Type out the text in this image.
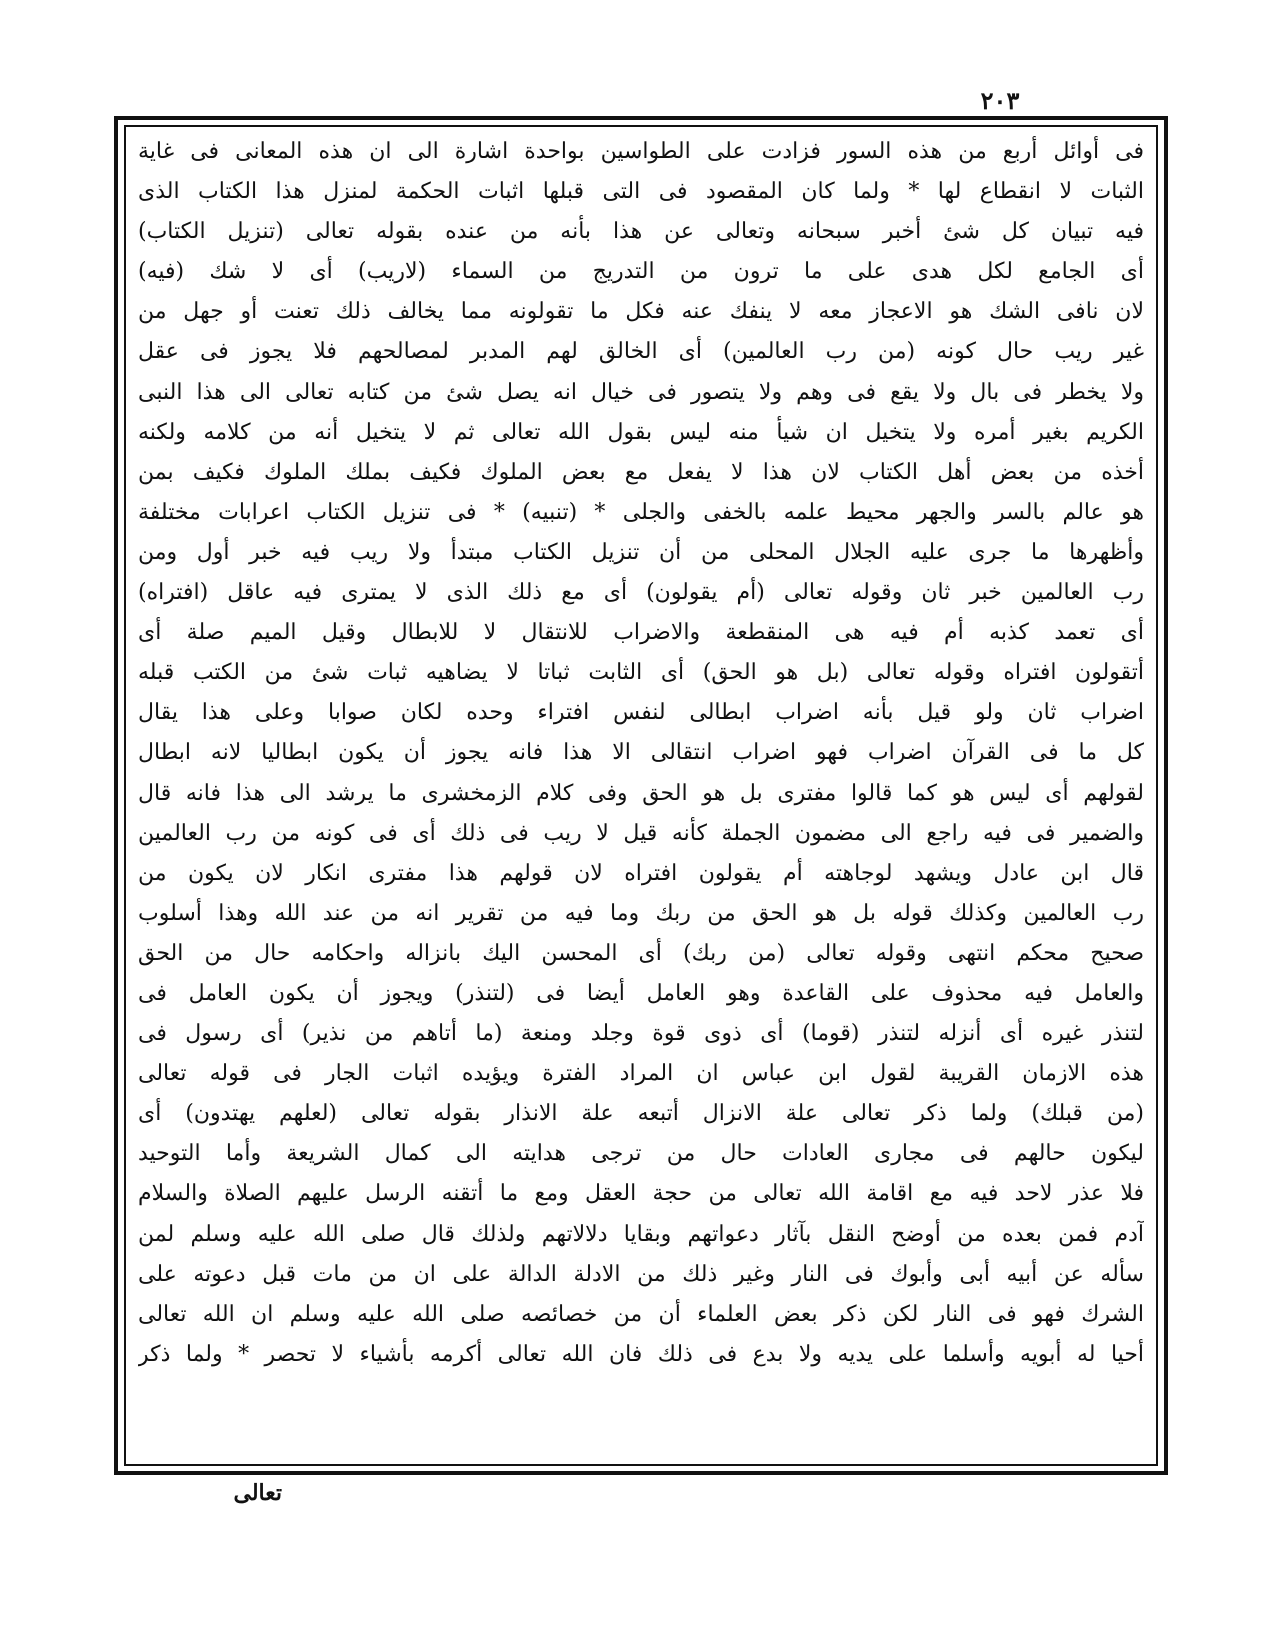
٢٠٣
فى أوائل أربع من هذه السور فزادت على الطواسين بواحدة اشارة الى ان هذه المعانى فى غاية
الثبات لا انقطاع لها * ولما كان المقصود فى التى قبلها اثبات الحكمة لمنزل هذا الكتاب الذى
فيه تبيان كل شئ أخبر سبحانه وتعالى عن هذا بأنه من عنده بقوله تعالى (تنزيل الكتاب)
أى الجامع لكل هدى على ما ترون من التدريج من السماء (لاريب) أى لا شك (فيه)
لان نافى الشك هو الاعجاز معه لا ينفك عنه فكل ما تقولونه مما يخالف ذلك تعنت أو جهل من
غير ريب حال كونه (من رب العالمين) أى الخالق لهم المدبر لمصالحهم فلا يجوز فى عقل
ولا يخطر فى بال ولا يقع فى وهم ولا يتصور فى خيال انه يصل شئ من كتابه تعالى الى هذا النبى
الكريم بغير أمره ولا يتخيل ان شيأ منه ليس بقول الله تعالى ثم لا يتخيل أنه من كلامه ولكنه
أخذه من بعض أهل الكتاب لان هذا لا يفعل مع بعض الملوك فكيف بملك الملوك فكيف بمن
هو عالم بالسر والجهر محيط علمه بالخفى والجلى * (تنبيه) * فى تنزيل الكتاب اعرابات مختلفة
وأظهرها ما جرى عليه الجلال المحلى من أن تنزيل الكتاب مبتدأ ولا ريب فيه خبر أول ومن
رب العالمين خبر ثان وقوله تعالى (أم يقولون) أى مع ذلك الذى لا يمترى فيه عاقل (افتراه)
أى تعمد كذبه أم فيه هى المنقطعة والاضراب للانتقال لا للابطال وقيل الميم صلة أى
أتقولون افتراه وقوله تعالى (بل هو الحق) أى الثابت ثباتا لا يضاهيه ثبات شئ من الكتب قبله
اضراب ثان ولو قيل بأنه اضراب ابطالى لنفس افتراء وحده لكان صوابا وعلى هذا يقال
كل ما فى القرآن اضراب فهو اضراب انتقالى الا هذا فانه يجوز أن يكون ابطاليا لانه ابطال
لقولهم أى ليس هو كما قالوا مفترى بل هو الحق وفى كلام الزمخشرى ما يرشد الى هذا فانه قال
والضمير فى فيه راجع الى مضمون الجملة كأنه قيل لا ريب فى ذلك أى فى كونه من رب العالمين
قال ابن عادل ويشهد لوجاهته أم يقولون افتراه لان قولهم هذا مفترى انكار لان يكون من
رب العالمين وكذلك قوله بل هو الحق من ربك وما فيه من تقرير انه من عند الله وهذا أسلوب
صحيح محكم انتهى وقوله تعالى (من ربك) أى المحسن اليك بانزاله واحكامه حال من الحق
والعامل فيه محذوف على القاعدة وهو العامل أيضا فى (لتنذر) ويجوز أن يكون العامل فى
لتنذر غيره أى أنزله لتنذر (قوما) أى ذوى قوة وجلد ومنعة (ما أتاهم من نذير) أى رسول فى
هذه الازمان القريبة لقول ابن عباس ان المراد الفترة ويؤيده اثبات الجار فى قوله تعالى
(من قبلك) ولما ذكر تعالى علة الانزال أتبعه علة الانذار بقوله تعالى (لعلهم يهتدون) أى
ليكون حالهم فى مجارى العادات حال من ترجى هدايته الى كمال الشريعة وأما التوحيد
فلا عذر لاحد فيه مع اقامة الله تعالى من حجة العقل ومع ما أتقنه الرسل عليهم الصلاة والسلام
آدم فمن بعده من أوضح النقل بآثار دعواتهم وبقايا دلالاتهم ولذلك قال صلى الله عليه وسلم لمن
سأله عن أبيه أبى وأبوك فى النار وغير ذلك من الادلة الدالة على ان من مات قبل دعوته على
الشرك فهو فى النار لكن ذكر بعض العلماء أن من خصائصه صلى الله عليه وسلم ان الله تعالى
أحيا له أبويه وأسلما على يديه ولا بدع فى ذلك فان الله تعالى أكرمه بأشياء لا تحصر * ولما ذكر
تعالى
